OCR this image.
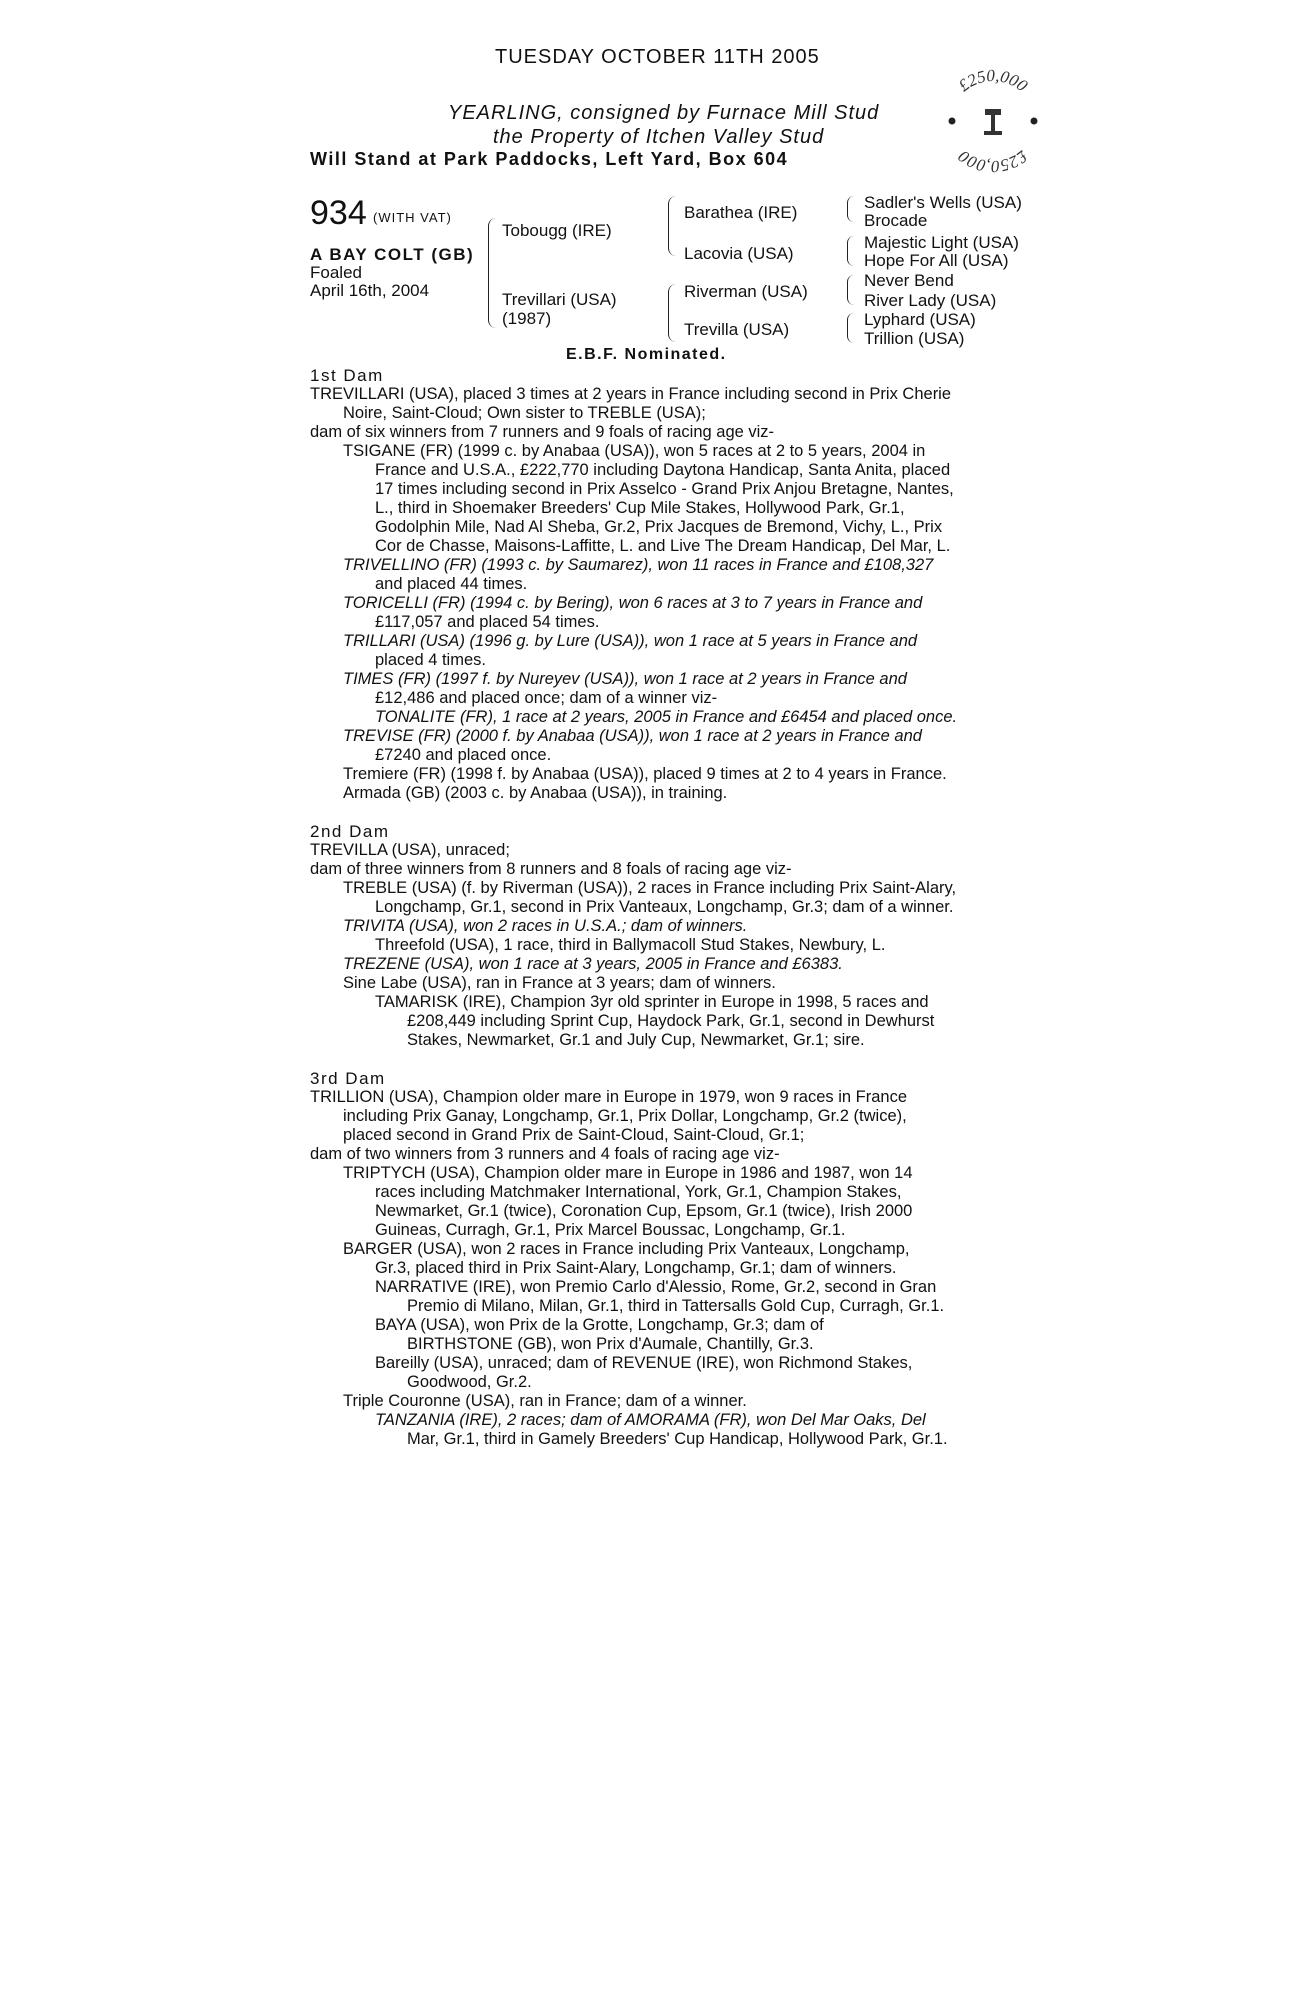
TUESDAY OCTOBER 11TH 2005
YEARLING, consigned by Furnace Mill Stud
the Property of Itchen Valley Stud
Will Stand at Park Paddocks, Left Yard, Box 604
£250,000
£250,000
934 (WITH VAT)
A BAY COLT (GB)
Foaled
April 16th, 2004
Tobougg (IRE)
Trevillari (USA)
(1987)
Barathea (IRE)
Lacovia (USA)
Riverman (USA)
Trevilla (USA)
Sadler's Wells (USA)
Brocade
Majestic Light (USA)
Hope For All (USA)
Never Bend
River Lady (USA)
Lyphard (USA)
Trillion (USA)
E.B.F. Nominated.
1st Dam
TREVILLARI (USA), placed 3 times at 2 years in France including second in Prix Cherie
Noire, Saint-Cloud; Own sister to TREBLE (USA);
dam of six winners from 7 runners and 9 foals of racing age viz-
TSIGANE (FR) (1999 c. by Anabaa (USA)), won 5 races at 2 to 5 years, 2004 in
France and U.S.A., £222,770 including Daytona Handicap, Santa Anita, placed
17 times including second in Prix Asselco - Grand Prix Anjou Bretagne, Nantes,
L., third in Shoemaker Breeders' Cup Mile Stakes, Hollywood Park, Gr.1,
Godolphin Mile, Nad Al Sheba, Gr.2, Prix Jacques de Bremond, Vichy, L., Prix
Cor de Chasse, Maisons-Laffitte, L. and Live The Dream Handicap, Del Mar, L.
TRIVELLINO (FR) (1993 c. by Saumarez), won 11 races in France and £108,327
and placed 44 times.
TORICELLI (FR) (1994 c. by Bering), won 6 races at 3 to 7 years in France and
£117,057 and placed 54 times.
TRILLARI (USA) (1996 g. by Lure (USA)), won 1 race at 5 years in France and
placed 4 times.
TIMES (FR) (1997 f. by Nureyev (USA)), won 1 race at 2 years in France and
£12,486 and placed once; dam of a winner viz-
TONALITE (FR), 1 race at 2 years, 2005 in France and £6454 and placed once.
TREVISE (FR) (2000 f. by Anabaa (USA)), won 1 race at 2 years in France and
£7240 and placed once.
Tremiere (FR) (1998 f. by Anabaa (USA)), placed 9 times at 2 to 4 years in France.
Armada (GB) (2003 c. by Anabaa (USA)), in training.
2nd Dam
TREVILLA (USA), unraced;
dam of three winners from 8 runners and 8 foals of racing age viz-
TREBLE (USA) (f. by Riverman (USA)), 2 races in France including Prix Saint-Alary,
Longchamp, Gr.1, second in Prix Vanteaux, Longchamp, Gr.3; dam of a winner.
TRIVITA (USA), won 2 races in U.S.A.; dam of winners.
Threefold (USA), 1 race, third in Ballymacoll Stud Stakes, Newbury, L.
TREZENE (USA), won 1 race at 3 years, 2005 in France and £6383.
Sine Labe (USA), ran in France at 3 years; dam of winners.
TAMARISK (IRE), Champion 3yr old sprinter in Europe in 1998, 5 races and
£208,449 including Sprint Cup, Haydock Park, Gr.1, second in Dewhurst
Stakes, Newmarket, Gr.1 and July Cup, Newmarket, Gr.1; sire.
3rd Dam
TRILLION (USA), Champion older mare in Europe in 1979, won 9 races in France
including Prix Ganay, Longchamp, Gr.1, Prix Dollar, Longchamp, Gr.2 (twice),
placed second in Grand Prix de Saint-Cloud, Saint-Cloud, Gr.1;
dam of two winners from 3 runners and 4 foals of racing age viz-
TRIPTYCH (USA), Champion older mare in Europe in 1986 and 1987, won 14
races including Matchmaker International, York, Gr.1, Champion Stakes,
Newmarket, Gr.1 (twice), Coronation Cup, Epsom, Gr.1 (twice), Irish 2000
Guineas, Curragh, Gr.1, Prix Marcel Boussac, Longchamp, Gr.1.
BARGER (USA), won 2 races in France including Prix Vanteaux, Longchamp,
Gr.3, placed third in Prix Saint-Alary, Longchamp, Gr.1; dam of winners.
NARRATIVE (IRE), won Premio Carlo d'Alessio, Rome, Gr.2, second in Gran
Premio di Milano, Milan, Gr.1, third in Tattersalls Gold Cup, Curragh, Gr.1.
BAYA (USA), won Prix de la Grotte, Longchamp, Gr.3; dam of
BIRTHSTONE (GB), won Prix d'Aumale, Chantilly, Gr.3.
Bareilly (USA), unraced; dam of REVENUE (IRE), won Richmond Stakes,
Goodwood, Gr.2.
Triple Couronne (USA), ran in France; dam of a winner.
TANZANIA (IRE), 2 races; dam of AMORAMA (FR), won Del Mar Oaks, Del
Mar, Gr.1, third in Gamely Breeders' Cup Handicap, Hollywood Park, Gr.1.
